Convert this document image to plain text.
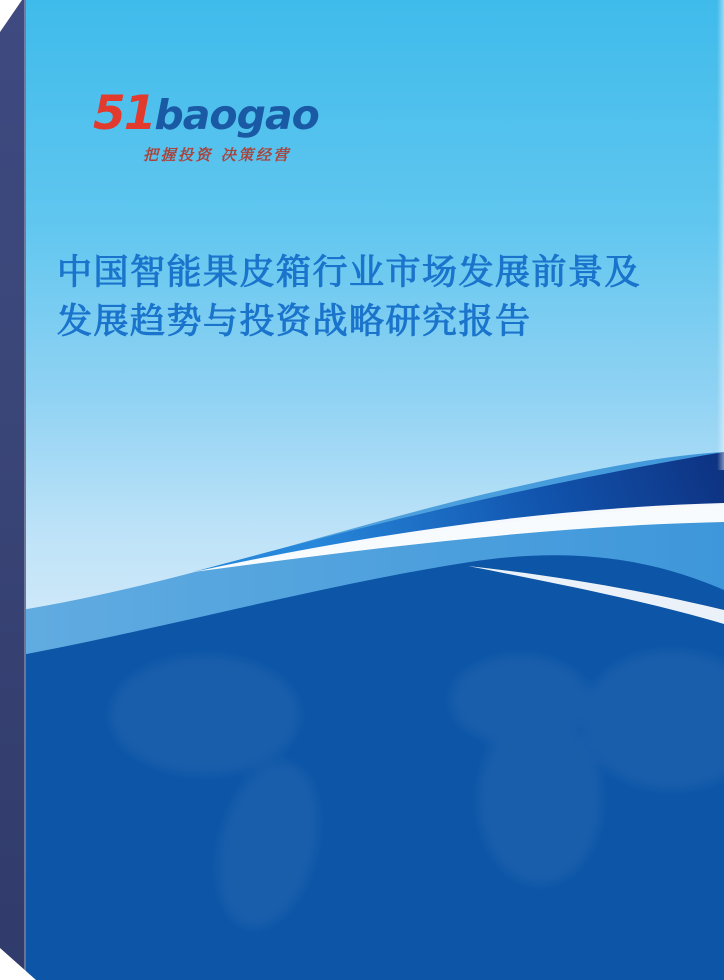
51baogao
把握投资 决策经营
中国智能果皮箱行业市场发展前景及
发展趋势与投资战略研究报告
